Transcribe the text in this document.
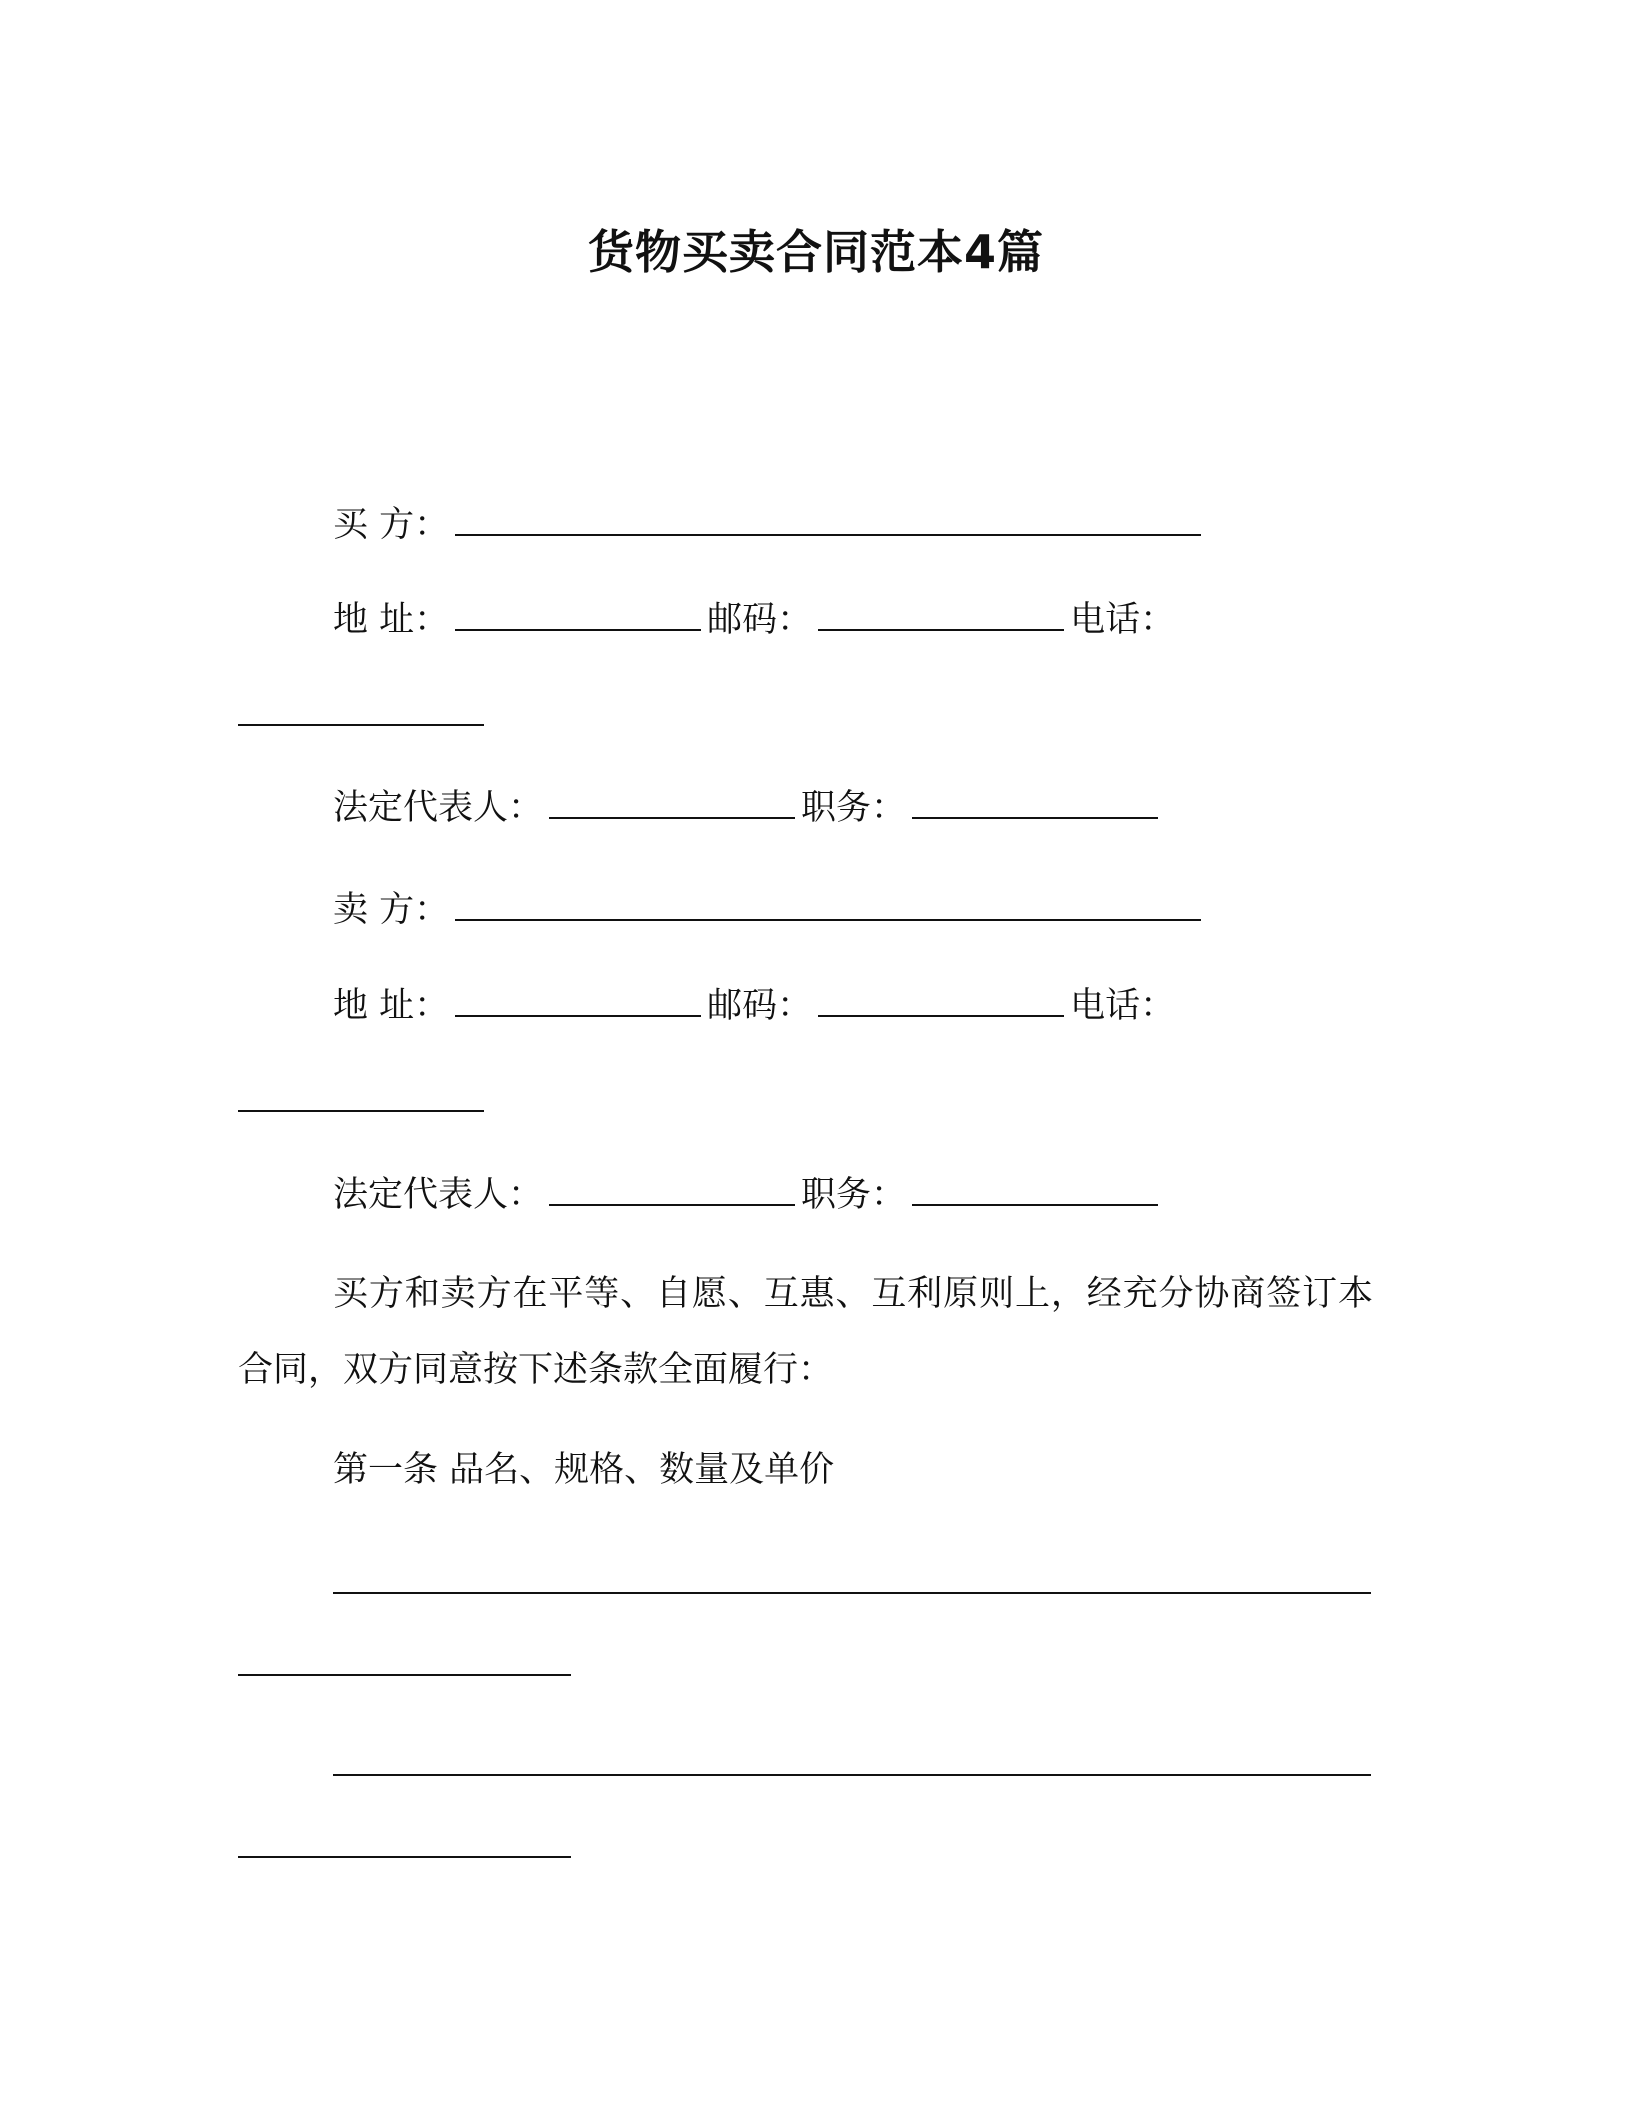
货物买卖合同范本4篇
买 方：
地 址：	邮码：	电话：
法定代表人：	职务：
卖 方：
地 址：	邮码：	电话：
法定代表人：	职务：
买方和卖方在平等、自愿、互惠、互利原则上，经充分协商签订本合同，双方同意按下述条款全面履行：
第一条 品名、规格、数量及单价
